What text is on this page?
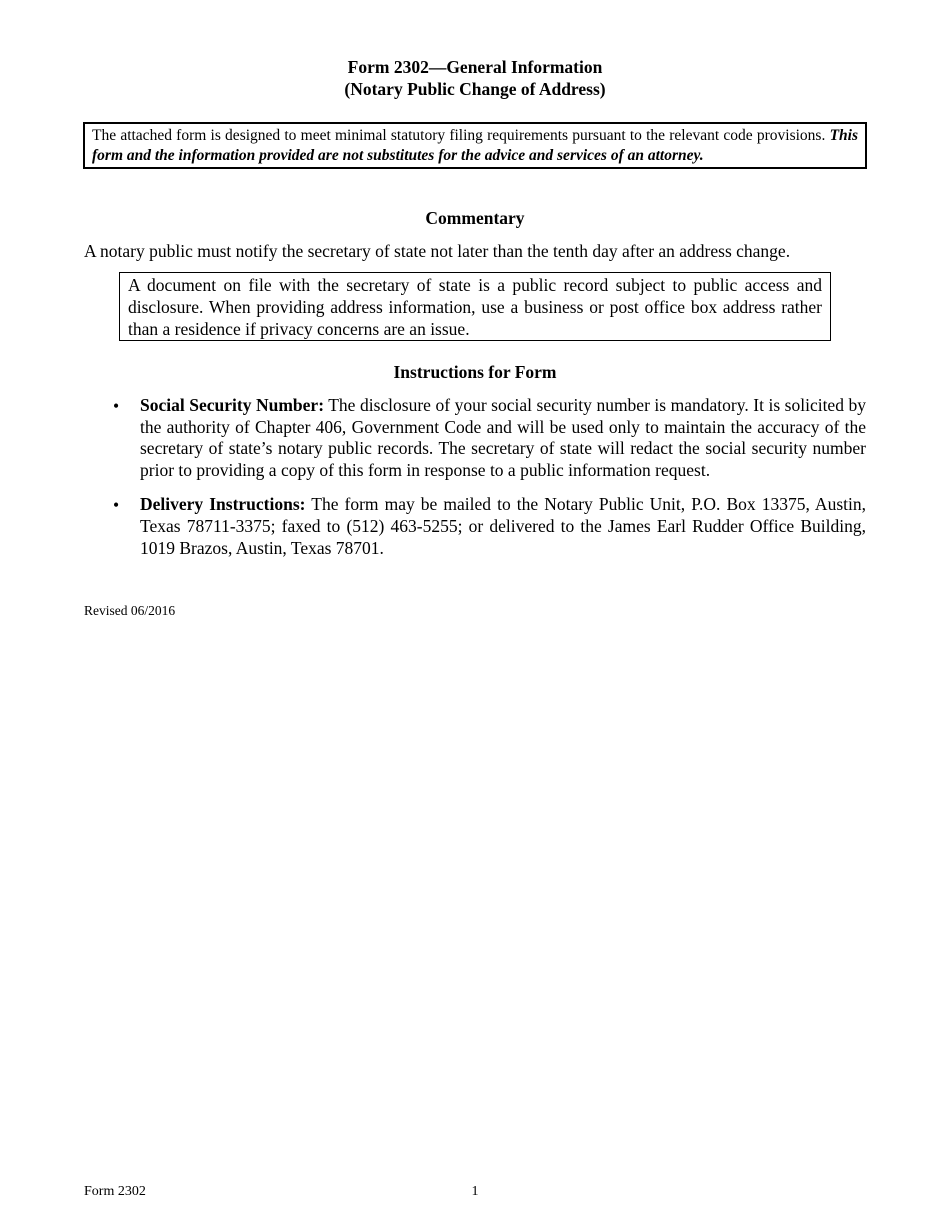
Form 2302—General Information
(Notary Public Change of Address)
The attached form is designed to meet minimal statutory filing requirements pursuant to the relevant code provisions. This form and the information provided are not substitutes for the advice and services of an attorney.
Commentary
A notary public must notify the secretary of state not later than the tenth day after an address change.
A document on file with the secretary of state is a public record subject to public access and disclosure. When providing address information, use a business or post office box address rather than a residence if privacy concerns are an issue.
Instructions for Form
• Social Security Number: The disclosure of your social security number is mandatory. It is solicited by the authority of Chapter 406, Government Code and will be used only to maintain the accuracy of the secretary of state’s notary public records. The secretary of state will redact the social security number prior to providing a copy of this form in response to a public information request.
• Delivery Instructions: The form may be mailed to the Notary Public Unit, P.O. Box 13375, Austin, Texas 78711-3375; faxed to (512) 463-5255; or delivered to the James Earl Rudder Office Building, 1019 Brazos, Austin, Texas 78701.
Revised 06/2016
Form 2302	1
